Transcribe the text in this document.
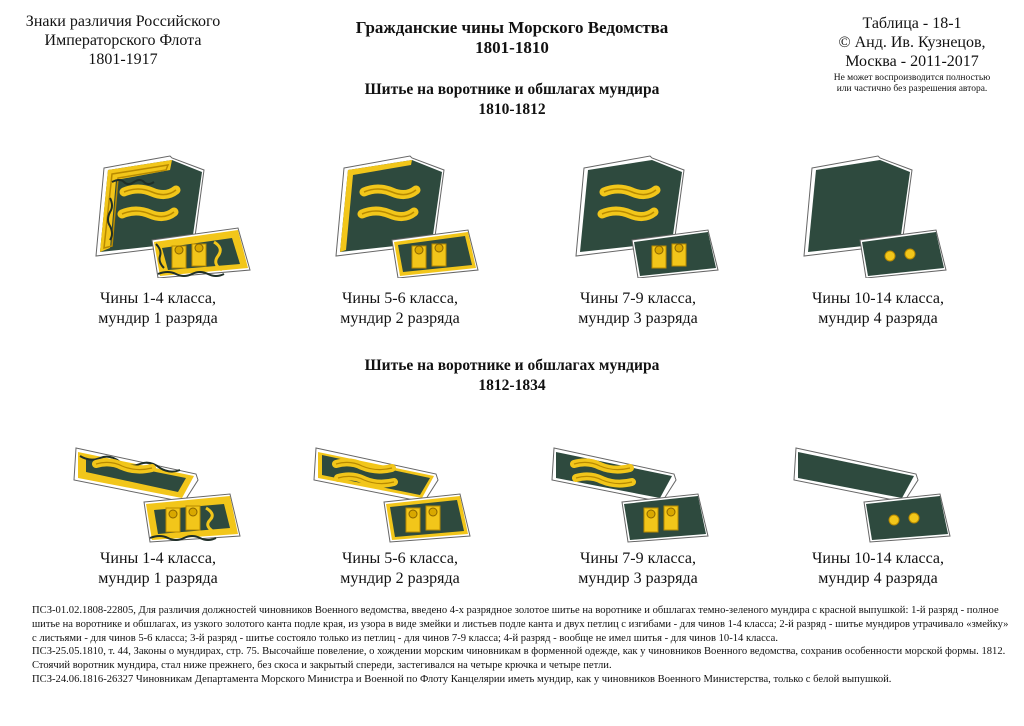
Знаки различия Российского
Императорского Флота
1801-1917
Гражданские чины Морского Ведомства
1801-1810
Таблица - 18-1
© Анд. Ив. Кузнецов,
Москва - 2011-2017
Не может воспроизводится полностью
или частично без разрешения автора.
Шитье на воротнике и обшлагах мундира
1810-1812
Шитье на воротнике и обшлагах мундира
1812-1834
Чины 1-4 класса,
мундир 1 разряда
Чины 5-6 класса,
мундир 2 разряда
Чины 7-9 класса,
мундир 3 разряда
Чины 10-14 класса,
мундир 4 разряда
Чины 1-4 класса,
мундир 1 разряда
Чины 5-6 класса,
мундир 2 разряда
Чины 7-9 класса,
мундир 3 разряда
Чины 10-14 класса,
мундир 4 разряда

ПСЗ-01.02.1808-22805, Для различия должностей чиновников Военного ведомства, введено 4-х разрядное золотое шитье на воротнике и обшлагах темно-зеленого мундира с красной выпушкой: 1-й разряд - полное шитье на воротнике и обшлагах, из узкого золотого канта подле края, из узора в виде змейки и листьев подле канта и двух петлиц с изгибами - для чинов 1-4 класса; 2-й разряд - шитье мундиров утрачивало «змейку» с листьями - для чинов 5-6 класса; 3-й разряд - шитье состояло только из петлиц - для чинов 7-9 класса; 4-й разряд - вообще не имел шитья - для чинов 10-14 класса.

ПСЗ-25.05.1810, т. 44, Законы о мундирах, стр. 75. Высочайше повеление, о хождении морским чиновникам в форменной одежде, как у чиновников Военного ведомства, сохранив особенности морской формы. 1812. Стоячий воротник мундира, стал ниже прежнего, без скоса и закрытый спереди, застегивался на четыре крючка и четыре петли.

ПСЗ-24.06.1816-26327 Чиновникам Департамента Морского Министра и Военной по Флоту Канцелярии иметь мундир, как у чиновников Военного Министерства, только с белой выпушкой.
